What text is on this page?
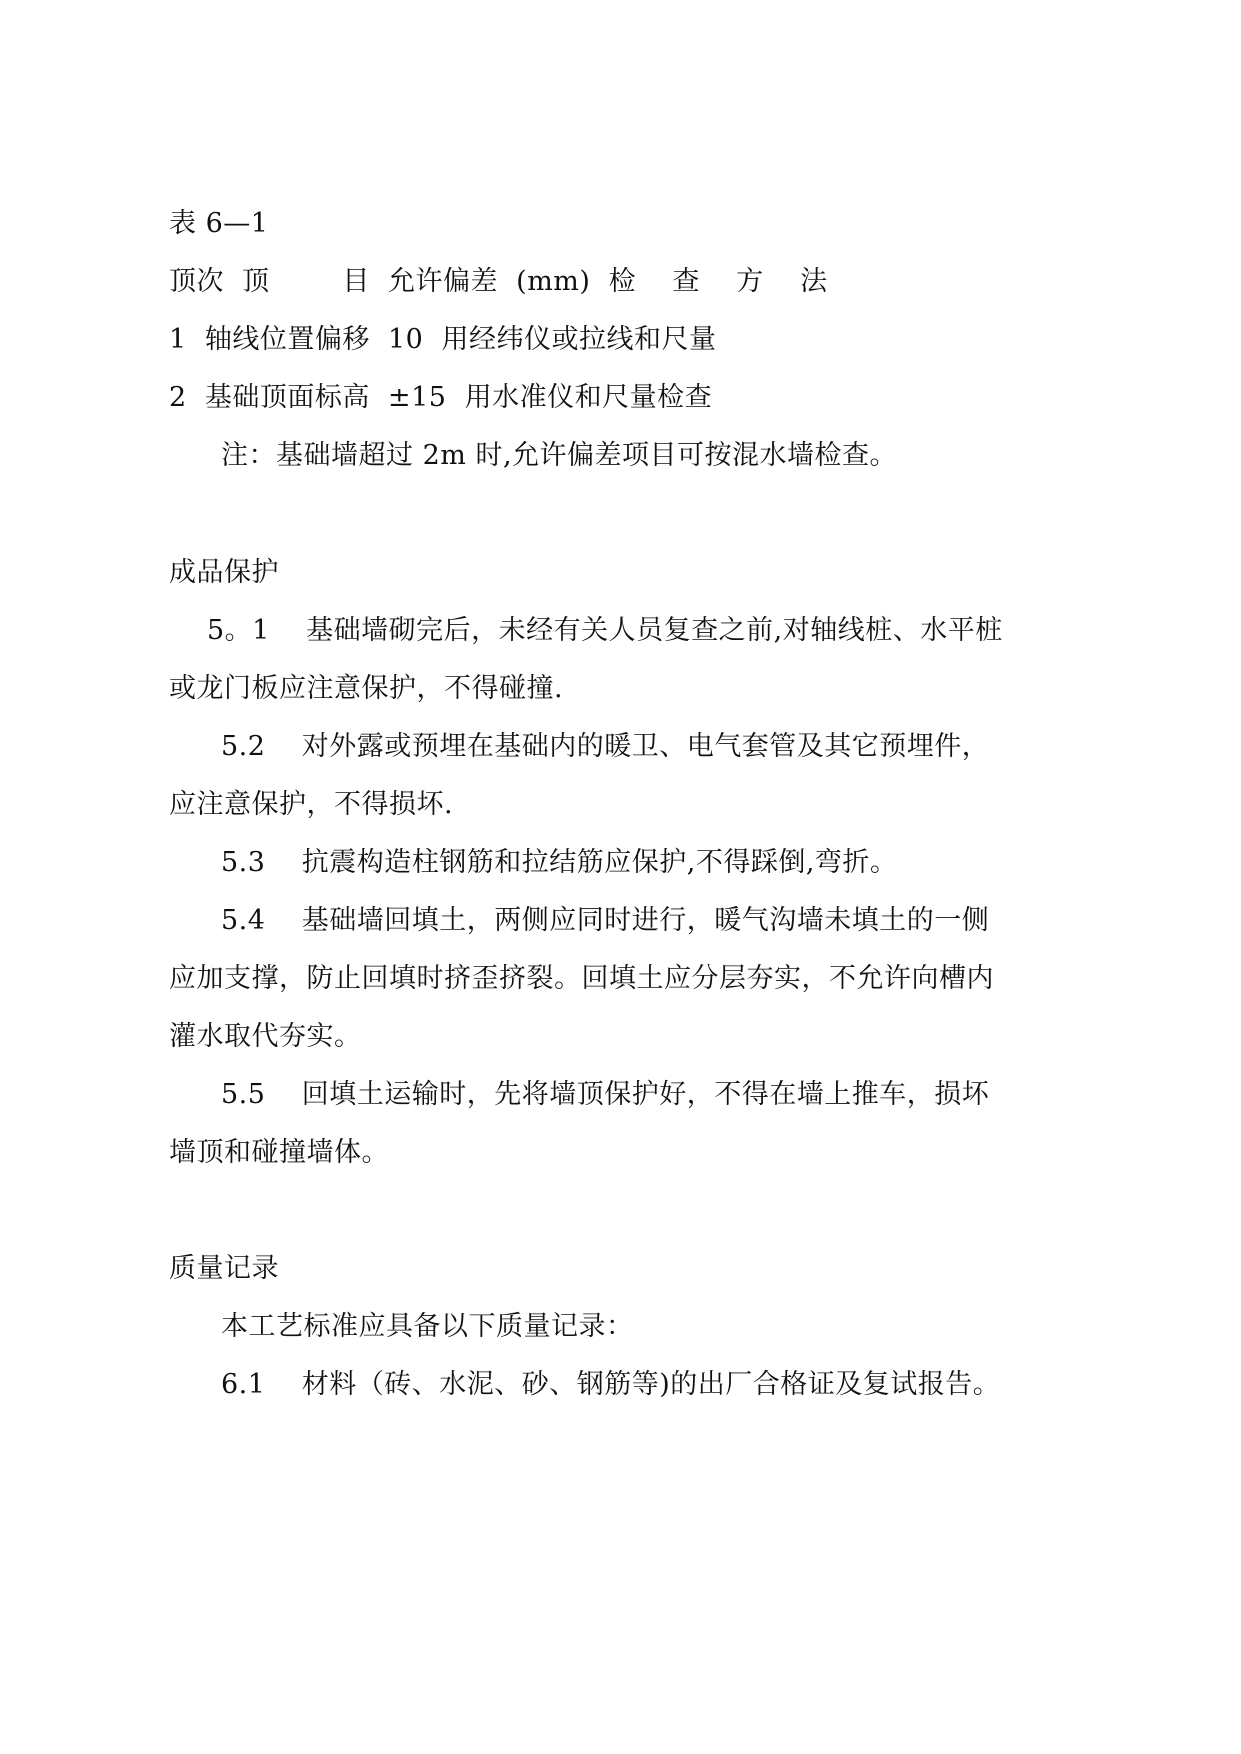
表 6—1
顶次  顶        目  允许偏差  (mm)  检    查    方    法
1  轴线位置偏移  10  用经纬仪或拉线和尺量
2  基础顶面标高  ±15  用水准仪和尺量检查
注：基础墙超过 2m 时,允许偏差项目可按混水墙检查。
成品保护
5。1    基础墙砌完后，未经有关人员复查之前,对轴线桩、水平桩
或龙门板应注意保护，不得碰撞.
5.2    对外露或预埋在基础内的暖卫、电气套管及其它预埋件，
应注意保护，不得损坏.
5.3    抗震构造柱钢筋和拉结筋应保护,不得踩倒,弯折。
5.4    基础墙回填土，两侧应同时进行，暖气沟墙未填土的一侧
应加支撑，防止回填时挤歪挤裂。回填土应分层夯实，不允许向槽内
灌水取代夯实。
5.5    回填土运输时，先将墙顶保护好，不得在墙上推车，损坏
墙顶和碰撞墙体。
质量记录
本工艺标准应具备以下质量记录：
6.1    材料（砖、水泥、砂、钢筋等)的出厂合格证及复试报告。
